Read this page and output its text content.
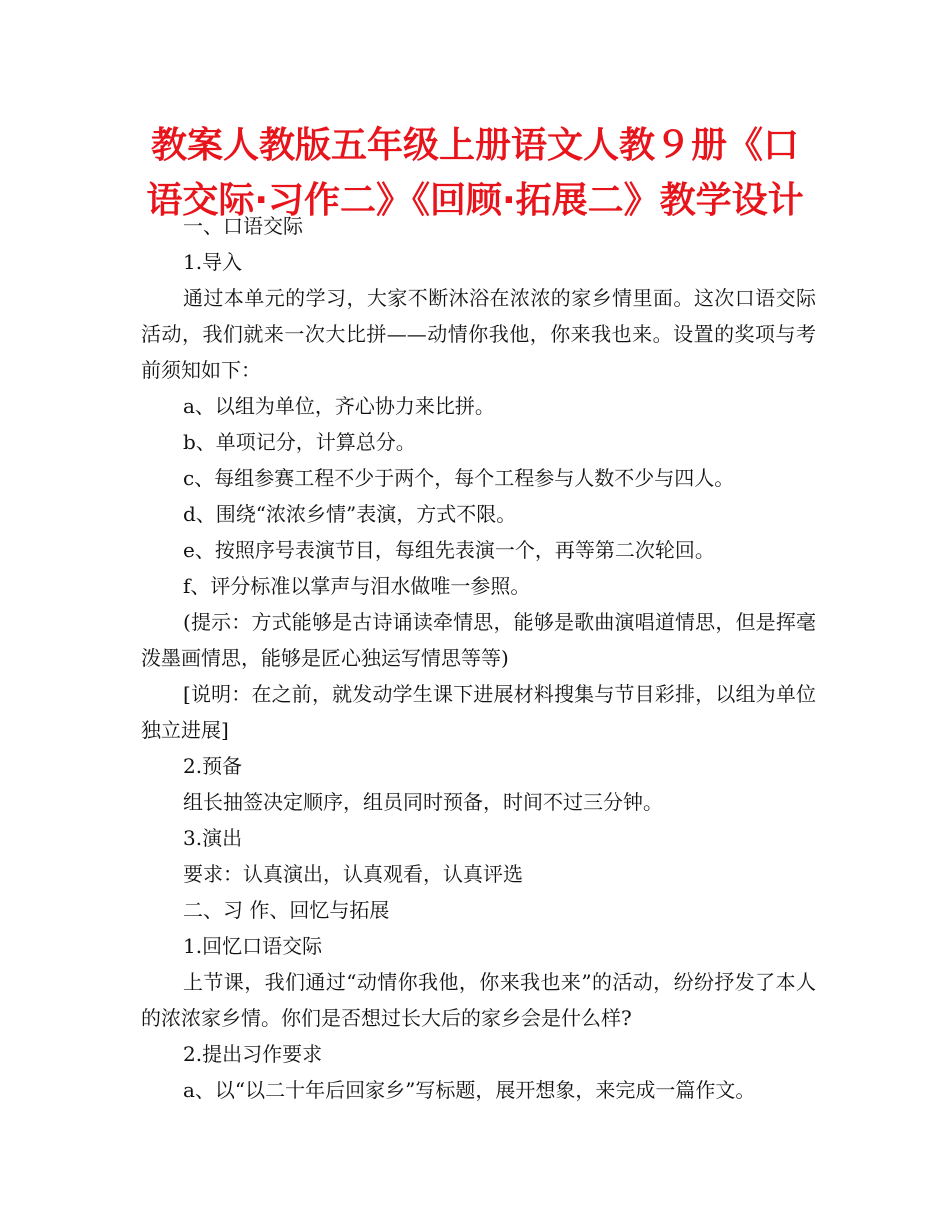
教案人教版五年级上册语文人教９册《口语交际·习作二》《回顾·拓展二》教学设计

一、口语交际

1.导入

通过本单元的学习，大家不断沐浴在浓浓的家乡情里面。这次口语交际活动，我们就来一次大比拼——动情你我他，你来我也来。设置的奖项与考前须知如下：

a、以组为单位，齐心协力来比拼。

b、单项记分，计算总分。

c、每组参赛工程不少于两个，每个工程参与人数不少与四人。

d、围绕“浓浓乡情”表演，方式不限。

e、按照序号表演节目，每组先表演一个，再等第二次轮回。

f、评分标准以掌声与泪水做唯一参照。

(提示：方式能够是古诗诵读牵情思，能够是歌曲演唱道情思，但是挥毫泼墨画情思，能够是匠心独运写情思等等)

[说明：在之前，就发动学生课下进展材料搜集与节目彩排，以组为单位独立进展]

2.预备

组长抽签决定顺序，组员同时预备，时间不过三分钟。

3.演出

要求：认真演出，认真观看，认真评选

二、习 作、回忆与拓展

1.回忆口语交际

上节课，我们通过“动情你我他，你来我也来”的活动，纷纷抒发了本人的浓浓家乡情。你们是否想过长大后的家乡会是什么样?

2.提出习作要求

a、以“以二十年后回家乡”写标题，展开想象，来完成一篇作文。
